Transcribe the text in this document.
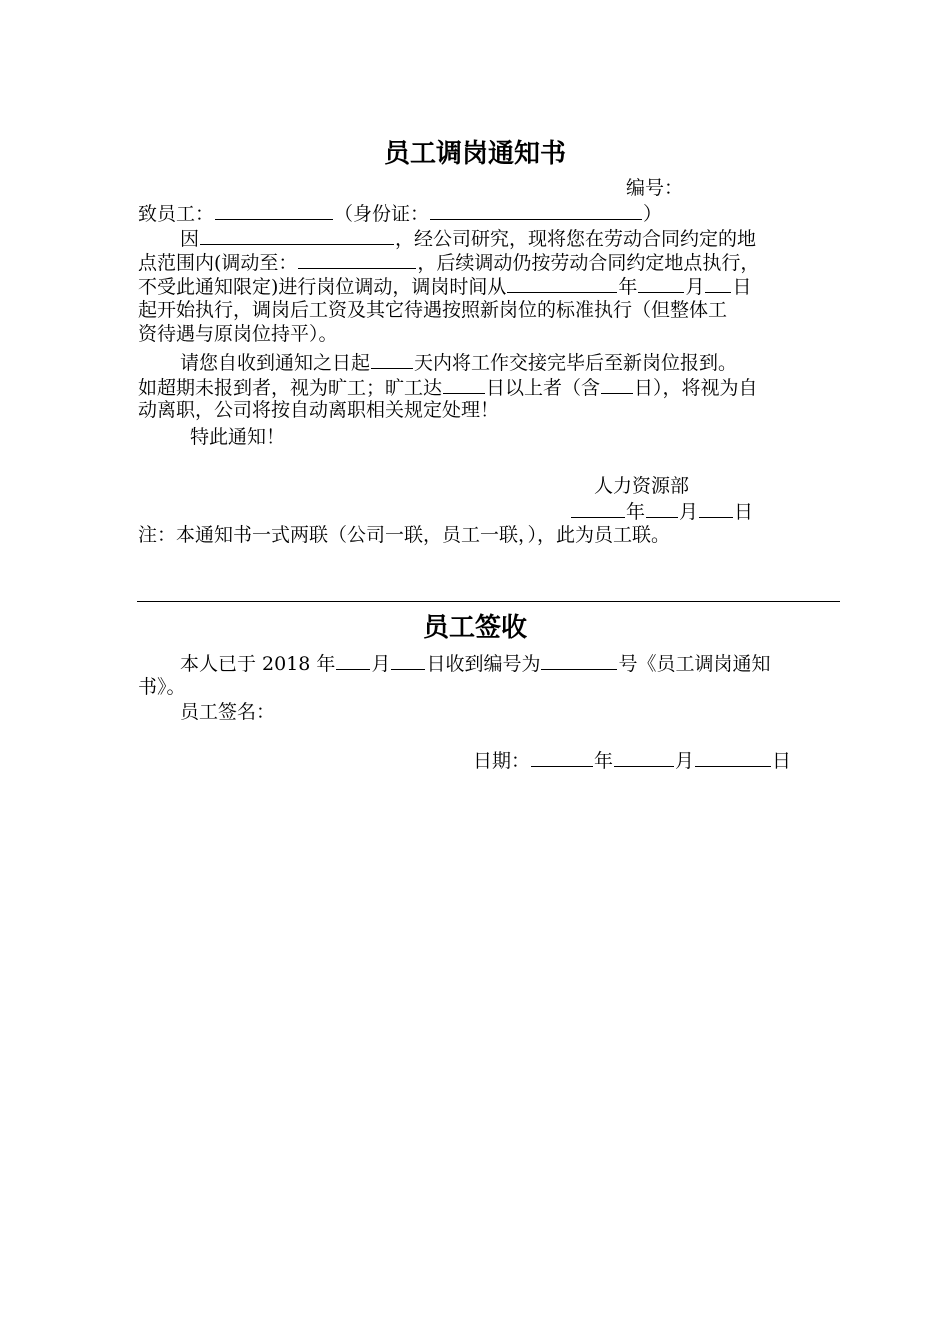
员工调岗通知书
编号：
致员工：	（身份证：	）
因	，经公司研究，现将您在劳动合同约定的地
点范围内(调动至：	，后续调动仍按劳动合同约定地点执行，
不受此通知限定)进行岗位调动，调岗时间从	年	月 日
起开始执行，调岗后工资及其它待遇按照新岗位的标准执行（但整体工
资待遇与原岗位持平）。
请您自收到通知之日起 天内将工作交接完毕后至新岗位报到。
如超期未报到者，视为旷工；旷工达 日以上者（含 日），将视为自
动离职，公司将按自动离职相关规定处理！
特此通知！
人力资源部
年 月 日
注：本通知书一式两联（公司一联，员工一联，），此为员工联。
员工签收
本人已于 2018 年 月 日收到编号为	号《员工调岗通知
书》。
员工签名：
日期：	年	月	日
